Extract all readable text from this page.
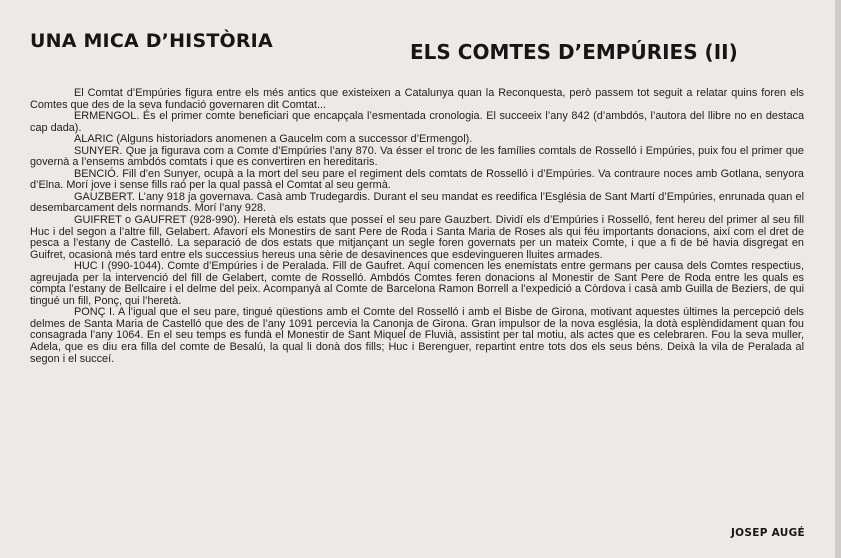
UNA MICA D’HISTÒRIA	ELS COMTES D’EMPÚRIES (II)

El Comtat d’Empúries figura entre els més antics que existeixen a Catalunya quan la Reconquesta, però passem tot seguit a relatar quins foren els Comtes que des de la seva fundació governaren dit Comtat...

ERMENGOL. És el primer comte beneficiari que encapçala l’esmentada cronologia. El succeeix l’any 842 (d’ambdós, l’autora del llibre no en destaca cap dada).

ALARIC (Alguns historiadors anomenen a Gaucelm com a successor d’Ermengol).

SUNYER. Que ja figurava com a Comte d’Empúries l’any 870. Va ésser el tronc de les famílies comtals de Rosselló i Empúries, puix fou el primer que governà a l’ensems ambdós comtats i que es convertiren en hereditaris.

BENCIÓ. Fill d’en Sunyer, ocupà a la mort del seu pare el regiment dels comtats de Rosselló i d’Empúries. Va contraure noces amb Gotlana, senyora d’Elna. Morí jove i sense fills raó per la qual passà el Comtat al seu germà.

GAUZBERT. L’any 918 ja governava. Casà amb Trudegardis. Durant el seu mandat es reedifica l’Església de Sant Martí d’Empúries, enrunada quan el desembarcament dels normands. Morí l’any 928.

GUIFRET o GAUFRET (928-990). Heretà els estats que posseí el seu pare Gauzbert. Dividí els d’Empúries i Rosselló, fent hereu del primer al seu fill Huc i del segon a l’altre fill, Gelabert. Afavorí els Monestirs de sant Pere de Roda i Santa Maria de Roses als qui féu importants donacions, així com el dret de pesca a l’estany de Castelló. La separació de dos estats que mitjançant un segle foren governats per un mateix Comte, i que a fi de bé havia disgregat en Guifret, ocasionà més tard entre els successius hereus una sèrie de desavinences que esdevingueren lluites armades.

HUC I (990-1044). Comte d’Empúries i de Peralada. Fill de Gaufret. Aquí comencen les enemistats entre germans per causa dels Comtes respectius, agreujada per la intervenció del fill de Gelabert, comte de Rosselló. Ambdós Comtes feren donacions al Monestir de Sant Pere de Roda entre les quals es compta l’estany de Bellcaire i el delme del peix. Acompanyà al Comte de Barcelona Ramon Borrell a l’expedició a Còrdova i casà amb Guilla de Beziers, de qui tingué un fill, Ponç, qui l’heretà.

PONÇ I. A l’igual que el seu pare, tingué qüestions amb el Comte del Rosselló i amb el Bisbe de Girona, motivant aquestes últimes la percepció dels delmes de Santa Maria de Castelló que des de l’any 1091 percevia la Canonja de Girona. Gran impulsor de la nova església, la dotà esplèndidament quan fou consagrada l’any 1064. En el seu temps es fundà el Monestir de Sant Miquel de Fluvià, assistint per tal motiu, als actes que es celebraren. Fou la seva muller, Adela, que es diu era filla del comte de Besalú, la qual li donà dos fills; Huc i Berenguer, repartint entre tots dos els seus béns. Deixà la vila de Peralada al segon i el succeí.

JOSEP AUGÉ
